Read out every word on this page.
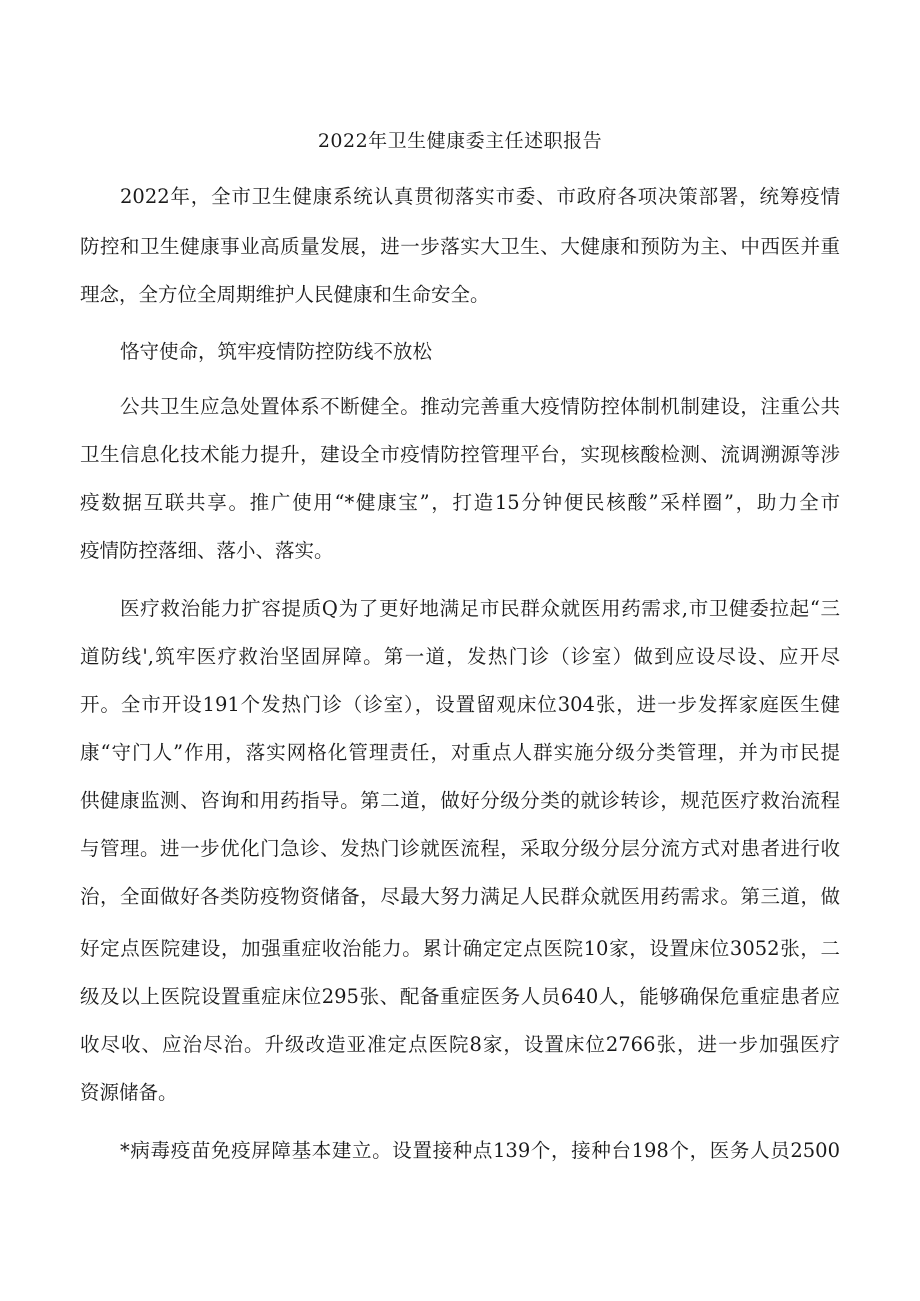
2022年卫生健康委主任述职报告
2022年，全市卫生健康系统认真贯彻落实市委、市政府各项决策部署，统筹疫情
防控和卫生健康事业高质量发展，进一步落实大卫生、大健康和预防为主、中西医并重
理念，全方位全周期维护人民健康和生命安全。
恪守使命，筑牢疫情防控防线不放松
公共卫生应急处置体系不断健全。推动完善重大疫情防控体制机制建设，注重公共
卫生信息化技术能力提升，建设全市疫情防控管理平台，实现核酸检测、流调溯源等涉
疫数据互联共享。推广使用“*健康宝”，打造15分钟便民核酸”采样圈”，助力全市
疫情防控落细、落小、落实。
医疗救治能力扩容提质Q为了更好地满足市民群众就医用药需求,市卫健委拉起“三
道防线',筑牢医疗救治坚固屏障。第一道，发热门诊（诊室）做到应设尽设、应开尽
开。全市开设191个发热门诊（诊室），设置留观床位304张，进一步发挥家庭医生健
康“守门人”作用，落实网格化管理责任，对重点人群实施分级分类管理，并为市民提
供健康监测、咨询和用药指导。第二道，做好分级分类的就诊转诊，规范医疗救治流程
与管理。进一步优化门急诊、发热门诊就医流程，采取分级分层分流方式对患者进行收
治，全面做好各类防疫物资储备，尽最大努力满足人民群众就医用药需求。第三道，做
好定点医院建设，加强重症收治能力。累计确定定点医院10家，设置床位3052张，二
级及以上医院设置重症床位295张、配备重症医务人员640人，能够确保危重症患者应
收尽收、应治尽治。升级改造亚准定点医院8家，设置床位2766张，进一步加强医疗
资源储备。
*病毒疫苗免疫屏障基本建立。设置接种点139个，接种台198个，医务人员2500
